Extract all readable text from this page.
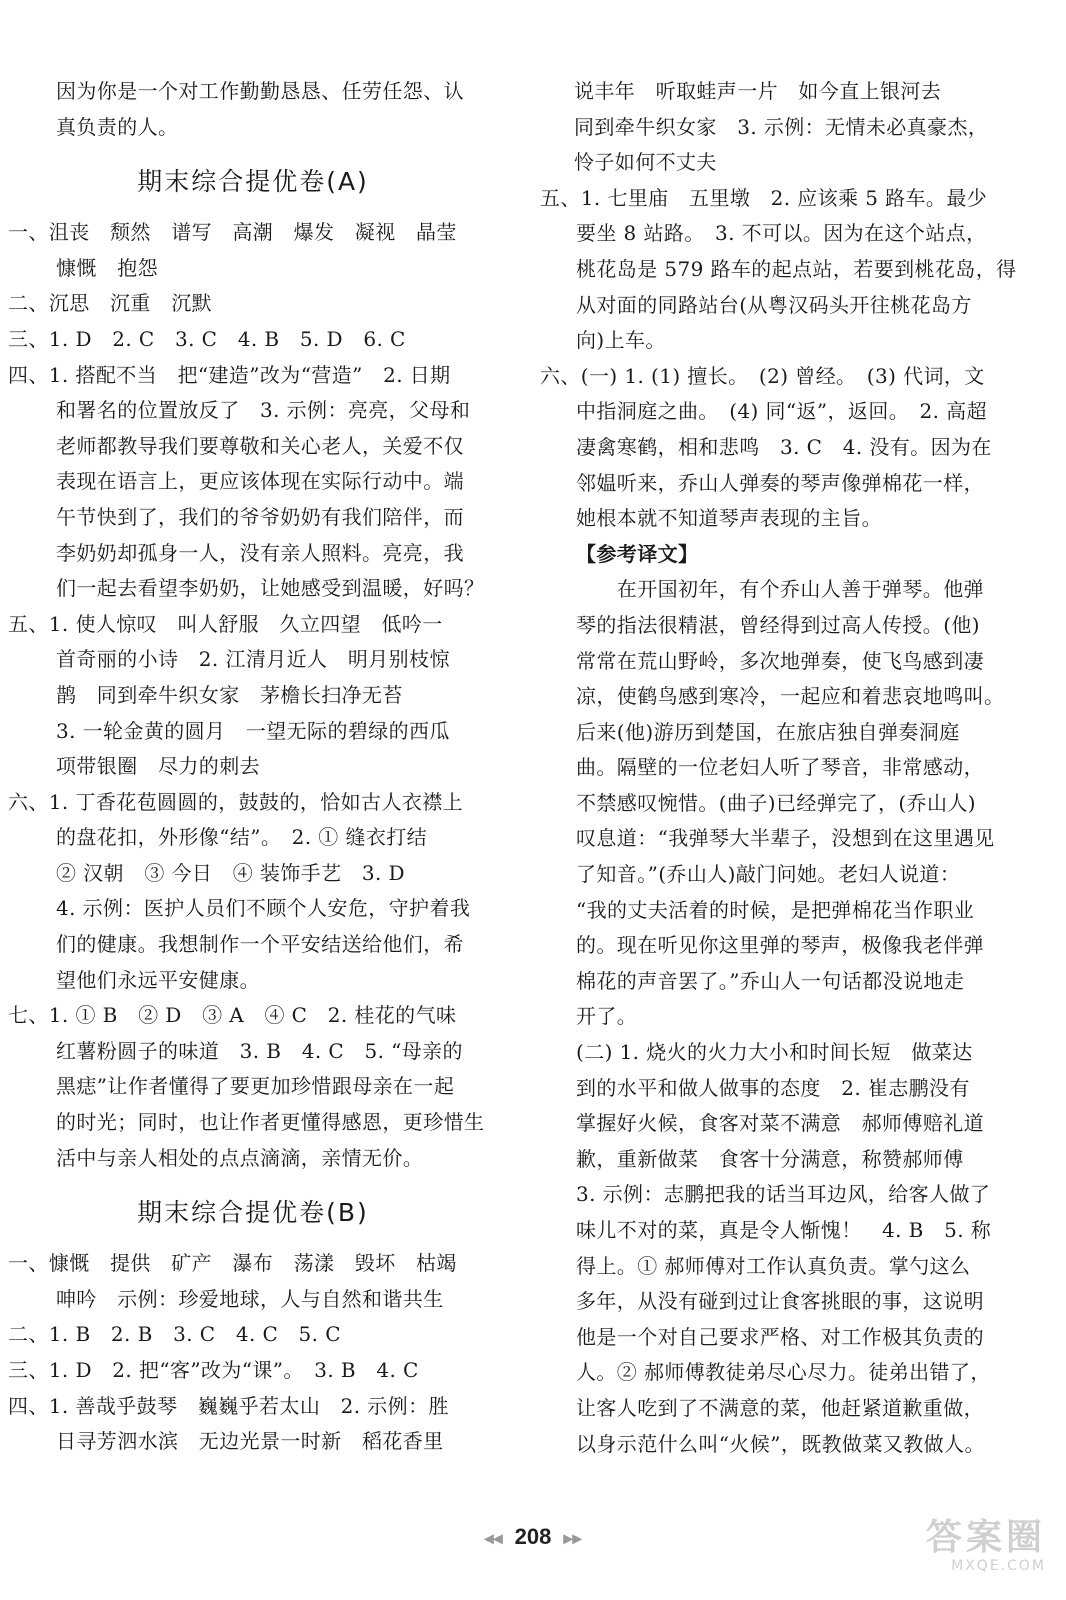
因为你是一个对工作勤勤恳恳、任劳任怨、认
真负责的人。
期末综合提优卷(A)
一、沮丧　颓然　谱写　高潮　爆发　凝视　晶莹
慷慨　抱怨
二、沉思　沉重　沉默
三、1. D　2. C　3. C　4. B　5. D　6. C
四、1. 搭配不当　把“建造”改为“营造”　2. 日期
和署名的位置放反了　3. 示例：亮亮，父母和
老师都教导我们要尊敬和关心老人，关爱不仅
表现在语言上，更应该体现在实际行动中。端
午节快到了，我们的爷爷奶奶有我们陪伴，而
李奶奶却孤身一人，没有亲人照料。亮亮，我
们一起去看望李奶奶，让她感受到温暖，好吗？
五、1. 使人惊叹　叫人舒服　久立四望　低吟一
首奇丽的小诗　2. 江清月近人　明月别枝惊
鹊　同到牵牛织女家　茅檐长扫净无苔
3. 一轮金黄的圆月　一望无际的碧绿的西瓜
项带银圈　尽力的刺去
六、1. 丁香花苞圆圆的，鼓鼓的，恰如古人衣襟上
的盘花扣，外形像“结”。　2. ① 缝衣打结
② 汉朝　③ 今日　④ 装饰手艺　3. D
4. 示例：医护人员们不顾个人安危，守护着我
们的健康。我想制作一个平安结送给他们，希
望他们永远平安健康。
七、1. ① B　② D　③ A　④ C　2. 桂花的气味
红薯粉圆子的味道　3. B　4. C　5. “母亲的
黑痣”让作者懂得了要更加珍惜跟母亲在一起
的时光；同时，也让作者更懂得感恩，更珍惜生
活中与亲人相处的点点滴滴，亲情无价。
期末综合提优卷(B)
一、慷慨　提供　矿产　瀑布　荡漾　毁坏　枯竭
呻吟　示例：珍爱地球，人与自然和谐共生
二、1. B　2. B　3. C　4. C　5. C
三、1. D　2. 把“客”改为“课”。　3. B　4. C
四、1. 善哉乎鼓琴　巍巍乎若太山　2. 示例：胜
日寻芳泗水滨　无边光景一时新　稻花香里
说丰年　听取蛙声一片　如今直上银河去
同到牵牛织女家　3. 示例：无情未必真豪杰，
怜子如何不丈夫
五、1. 七里庙　五里墩　2. 应该乘 5 路车。最少
要坐 8 站路。　3. 不可以。因为在这个站点，
桃花岛是 579 路车的起点站，若要到桃花岛，得
从对面的同路站台(从粤汉码头开往桃花岛方
向)上车。
六、(一) 1. (1) 擅长。　(2) 曾经。　(3) 代词，文
中指洞庭之曲。　(4) 同“返”，返回。　2. 高超
凄禽寒鹤，相和悲鸣　3. C　4. 没有。因为在
邻媪听来，乔山人弹奏的琴声像弹棉花一样，
她根本就不知道琴声表现的主旨。
【参考译文】
　　在开国初年，有个乔山人善于弹琴。他弹
琴的指法很精湛，曾经得到过高人传授。(他)
常常在荒山野岭，多次地弹奏，使飞鸟感到凄
凉，使鹤鸟感到寒冷，一起应和着悲哀地鸣叫。
后来(他)游历到楚国，在旅店独自弹奏洞庭
曲。隔壁的一位老妇人听了琴音，非常感动，
不禁感叹惋惜。(曲子)已经弹完了，(乔山人)
叹息道：“我弹琴大半辈子，没想到在这里遇见
了知音。”(乔山人)敲门问她。老妇人说道：
“我的丈夫活着的时候，是把弹棉花当作职业
的。现在听见你这里弹的琴声，极像我老伴弹
棉花的声音罢了。”乔山人一句话都没说地走
开了。
(二) 1. 烧火的火力大小和时间长短　做菜达
到的水平和做人做事的态度　2. 崔志鹏没有
掌握好火候，食客对菜不满意　郝师傅赔礼道
歉，重新做菜　食客十分满意，称赞郝师傅
3. 示例：志鹏把我的话当耳边风，给客人做了
味儿不对的菜，真是令人惭愧！　4. B　5. 称
得上。① 郝师傅对工作认真负责。掌勺这么
多年，从没有碰到过让食客挑眼的事，这说明
他是一个对自己要求严格、对工作极其负责的
人。② 郝师傅教徒弟尽心尽力。徒弟出错了，
让客人吃到了不满意的菜，他赶紧道歉重做，
以身示范什么叫“火候”，既教做菜又教做人。
◂◂ 208 ▸▸	答案圈
MXQE.COM
